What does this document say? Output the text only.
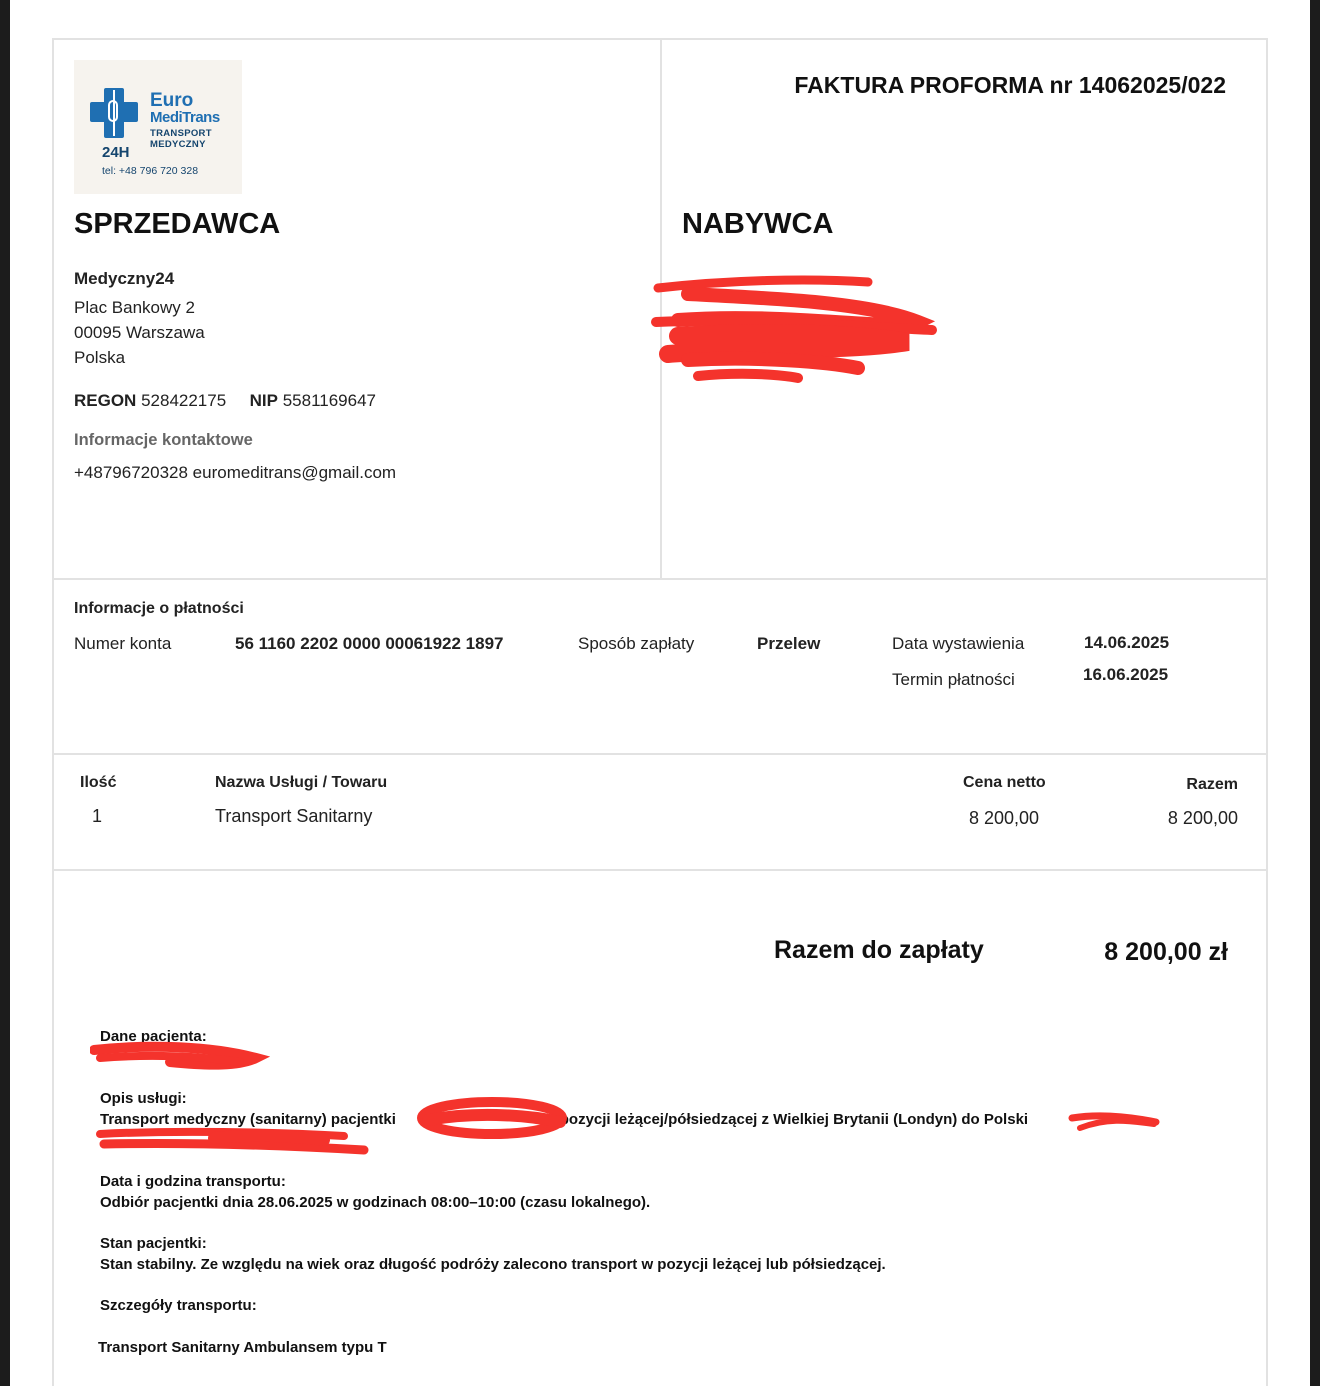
Euro
MediTrans
TRANSPORT
MEDYCZNY
24H
tel: +48 796 720 328
FAKTURA PROFORMA nr 14062025/022
SPRZEDAWCA
Medyczny24
Plac Bankowy 2
00095 Warszawa
Polska
REGON 528422175 NIP 5581169647
Informacje kontaktowe
+48796720328 euromeditrans@gmail.com
NABYWCA
Informacje o płatności
Numer konta	56 1160 2202 0000 00061922 1897	Sposób zapłaty	Przelew	Data wystawienia	14.06.2025
Termin płatności	16.06.2025
Ilość	Nazwa Usługi / Towaru	Cena netto	Razem
1	Transport Sanitarny	8 200,00	8 200,00
Razem do zapłaty	8 200,00 zł
Dane pacjenta:
Opis usługi:
Transport medyczny (sanitarny) pacjentki	w pozycji leżącej/półsiedzącej z Wielkiej Brytanii (Londyn) do Polski
Data i godzina transportu:
Odbiór pacjentki dnia 28.06.2025 w godzinach 08:00–10:00 (czasu lokalnego).
Stan pacjentki:
Stan stabilny. Ze względu na wiek oraz długość podróży zalecono transport w pozycji leżącej lub półsiedzącej.
Szczegóły transportu:
Transport Sanitarny Ambulansem typu T
